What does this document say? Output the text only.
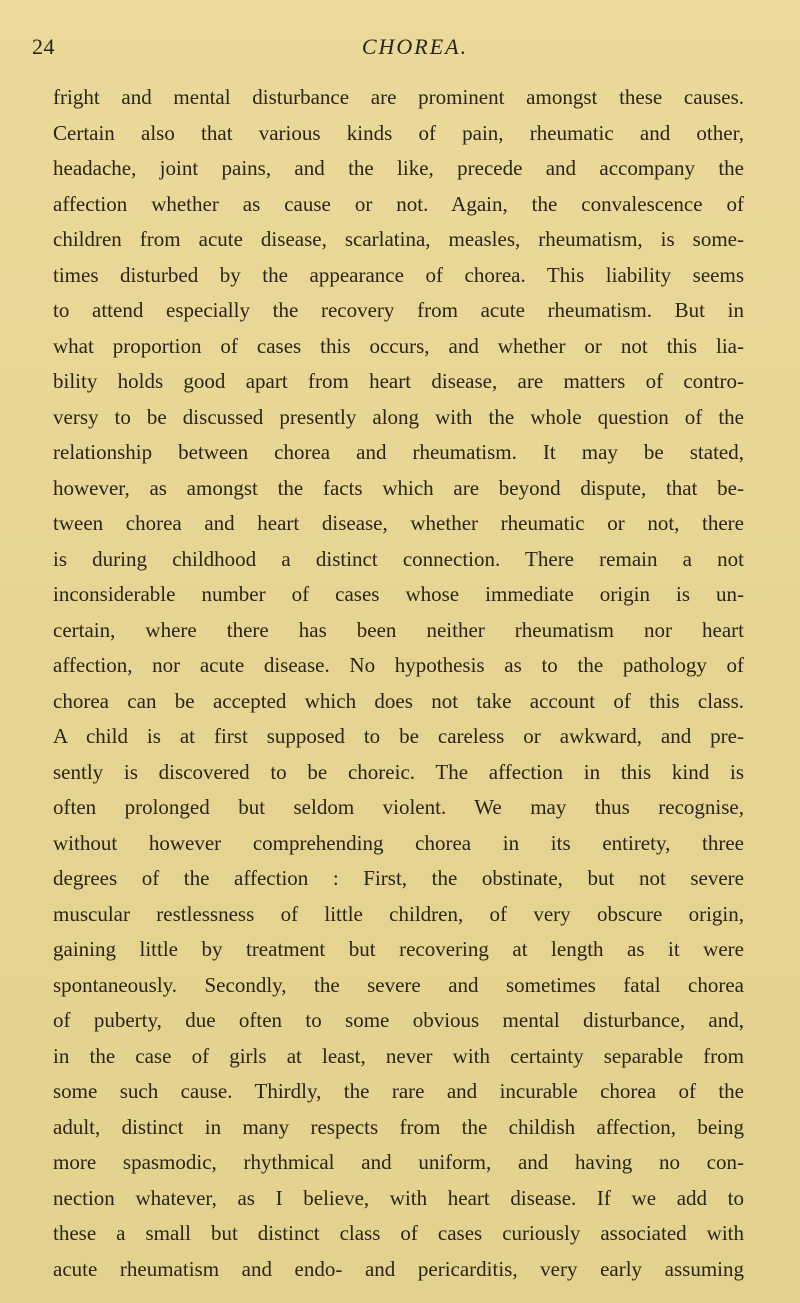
24	CHOREA.
fright and mental disturbance are prominent amongst these causes.
Certain also that various kinds of pain, rheumatic and other,
headache, joint pains, and the like, precede and accompany the
affection whether as cause or not. Again, the convalescence of
children from acute disease, scarlatina, measles, rheumatism, is some-
times disturbed by the appearance of chorea. This liability seems
to attend especially the recovery from acute rheumatism. But in
what proportion of cases this occurs, and whether or not this lia-
bility holds good apart from heart disease, are matters of contro-
versy to be discussed presently along with the whole question of the
relationship between chorea and rheumatism. It may be stated,
however, as amongst the facts which are beyond dispute, that be-
tween chorea and heart disease, whether rheumatic or not, there
is during childhood a distinct connection. There remain a not
inconsiderable number of cases whose immediate origin is un-
certain, where there has been neither rheumatism nor heart
affection, nor acute disease. No hypothesis as to the pathology of
chorea can be accepted which does not take account of this class.
A child is at first supposed to be careless or awkward, and pre-
sently is discovered to be choreic. The affection in this kind is
often prolonged but seldom violent. We may thus recognise,
without however comprehending chorea in its entirety, three
degrees of the affection : First, the obstinate, but not severe
muscular restlessness of little children, of very obscure origin,
gaining little by treatment but recovering at length as it were
spontaneously. Secondly, the severe and sometimes fatal chorea
of puberty, due often to some obvious mental disturbance, and,
in the case of girls at least, never with certainty separable from
some such cause. Thirdly, the rare and incurable chorea of the
adult, distinct in many respects from the childish affection, being
more spasmodic, rhythmical and uniform, and having no con-
nection whatever, as I believe, with heart disease. If we add to
these a small but distinct class of cases curiously associated with
acute rheumatism and endo- and pericarditis, very early assuming
